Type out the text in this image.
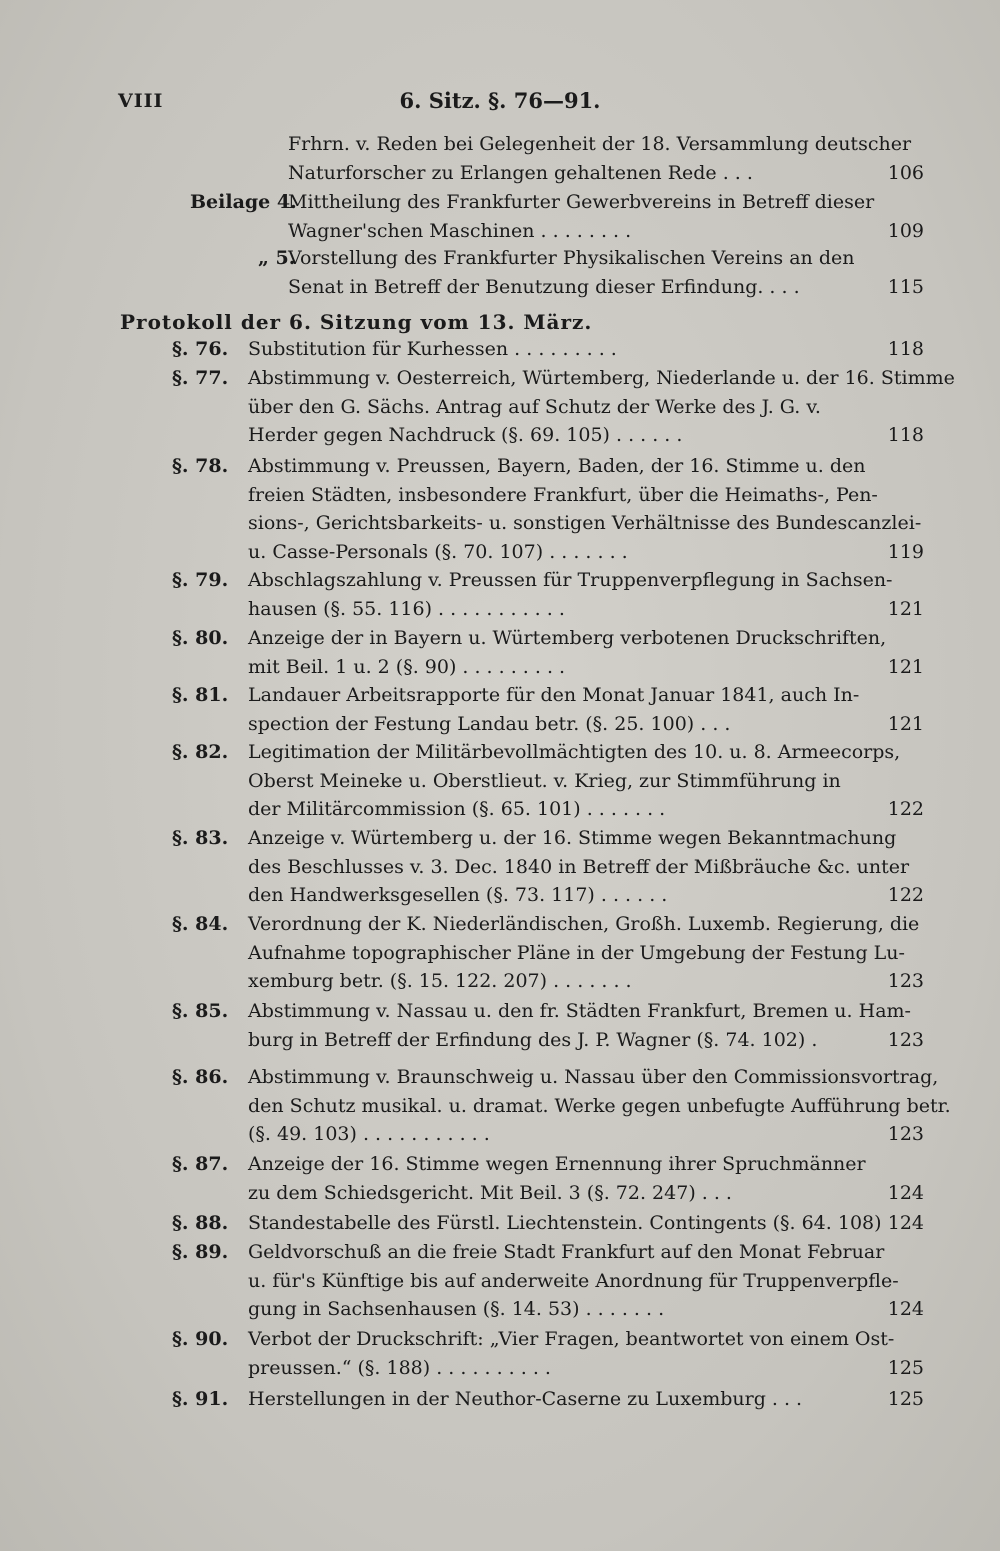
VIII	6. Sitz. §. 76—91.
Protokoll der 6. Sitzung vom 13. März.
Frhrn. v. Reden bei Gelegenheit der 18. Versammlung deutscher
Naturforscher zu Erlangen gehaltenen Rede . . .	106
Beilage 4.
Mittheilung des Frankfurter Gewerbvereins in Betreff dieser
Wagner'schen Maschinen . . . . . . . .	109
„ 5.
Vorstellung des Frankfurter Physikalischen Vereins an den
Senat in Betreff der Benutzung dieser Erfindung. . . .	115
§. 76.	Substitution für Kurhessen . . . . . . . . .	118
§. 77.	Abstimmung v. Oesterreich, Würtemberg, Niederlande u. der 16. Stimme
über den G. Sächs. Antrag auf Schutz der Werke des J. G. v.
Herder gegen Nachdruck (§. 69. 105) . . . . . .	118
§. 78.	Abstimmung v. Preussen, Bayern, Baden, der 16. Stimme u. den
freien Städten, insbesondere Frankfurt, über die Heimaths-, Pen-
sions-, Gerichtsbarkeits- u. sonstigen Verhältnisse des Bundescanzlei-
u. Casse-Personals (§. 70. 107) . . . . . . .	119
§. 79.	Abschlagszahlung v. Preussen für Truppenverpflegung in Sachsen-
hausen (§. 55. 116) . . . . . . . . . . .	121
§. 80.	Anzeige der in Bayern u. Würtemberg verbotenen Druckschriften,
mit Beil. 1 u. 2 (§. 90) . . . . . . . . .	121
§. 81.	Landauer Arbeitsrapporte für den Monat Januar 1841, auch In-
spection der Festung Landau betr. (§. 25. 100) . . .	121
§. 82.	Legitimation der Militärbevollmächtigten des 10. u. 8. Armeecorps,
Oberst Meineke u. Oberstlieut. v. Krieg, zur Stimmführung in
der Militärcommission (§. 65. 101) . . . . . . .	122
§. 83.	Anzeige v. Würtemberg u. der 16. Stimme wegen Bekanntmachung
des Beschlusses v. 3. Dec. 1840 in Betreff der Mißbräuche &c. unter
den Handwerksgesellen (§. 73. 117) . . . . . .	122
§. 84.	Verordnung der K. Niederländischen, Großh. Luxemb. Regierung, die
Aufnahme topographischer Pläne in der Umgebung der Festung Lu-
xemburg betr. (§. 15. 122. 207) . . . . . . .	123
§. 85.	Abstimmung v. Nassau u. den fr. Städten Frankfurt, Bremen u. Ham-
burg in Betreff der Erfindung des J. P. Wagner (§. 74. 102) .	123
§. 86.	Abstimmung v. Braunschweig u. Nassau über den Commissionsvortrag,
den Schutz musikal. u. dramat. Werke gegen unbefugte Aufführung betr.
(§. 49. 103) . . . . . . . . . . .	123
§. 87.	Anzeige der 16. Stimme wegen Ernennung ihrer Spruchmänner
zu dem Schiedsgericht. Mit Beil. 3 (§. 72. 247) . . .	124
§. 88.	Standestabelle des Fürstl. Liechtenstein. Contingents (§. 64. 108) 124
§. 89.	Geldvorschuß an die freie Stadt Frankfurt auf den Monat Februar
u. für's Künftige bis auf anderweite Anordnung für Truppenverpfle-
gung in Sachsenhausen (§. 14. 53) . . . . . . .	124
§. 90.	Verbot der Druckschrift: „Vier Fragen, beantwortet von einem Ost-
preussen.“ (§. 188) . . . . . . . . . .	125
§. 91.	Herstellungen in der Neuthor-Caserne zu Luxemburg . . .	125
